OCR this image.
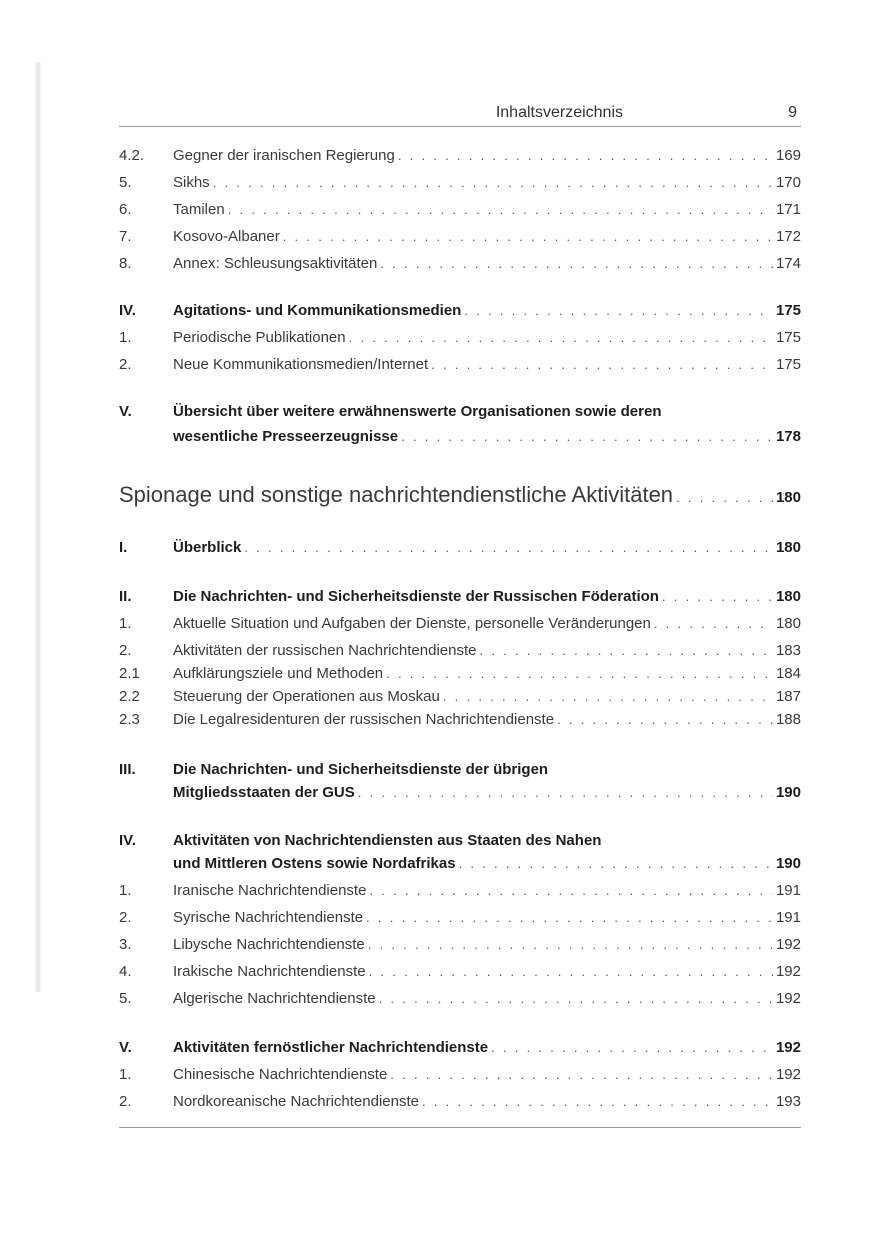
Inhaltsverzeichnis	9
4.2. Gegner der iranischen Regierung . . .	169
5.	Sikhs . . .	170
6.	Tamilen . . .	171
7.	Kosovo-Albaner . . .	172
8.	Annex: Schleusungsaktivitäten . . .	174
IV. Agitations- und Kommunikationsmedien . . .	175
1.	Periodische Publikationen . . .	175
2.	Neue Kommunikationsmedien/Internet . . .	175
V.	Übersicht über weitere erwähnenswerte Organisationen sowie deren
wesentliche Presseerzeugnisse . . .	178
Spionage und sonstige nachrichtendienstliche Aktivitäten . . .	180
I.	Überblick . . .	180
II.	Die Nachrichten- und Sicherheitsdienste der Russischen Föderation . . .	180
1.	Aktuelle Situation und Aufgaben der Dienste, personelle Veränderungen . . .	180
2.	Aktivitäten der russischen Nachrichtendienste . . .	183
2.1 Aufklärungsziele und Methoden . . .	184
2.2 Steuerung der Operationen aus Moskau . . .	187
2.3 Die Legalresidenturen der russischen Nachrichtendienste . . .	188
III. Die Nachrichten- und Sicherheitsdienste der übrigen
Mitgliedsstaaten der GUS . . .	190
IV. Aktivitäten von Nachrichtendiensten aus Staaten des Nahen
und Mittleren Ostens sowie Nordafrikas . . .	190
1.	Iranische Nachrichtendienste . . .	191
2.	Syrische Nachrichtendienste . . .	191
3.	Libysche Nachrichtendienste . . .	192
4.	Irakische Nachrichtendienste . . .	192
5.	Algerische Nachrichtendienste . . .	192
V.	Aktivitäten fernöstlicher Nachrichtendienste . . .	192
1.	Chinesische Nachrichtendienste . . .	192
2.	Nordkoreanische Nachrichtendienste . . .	193
